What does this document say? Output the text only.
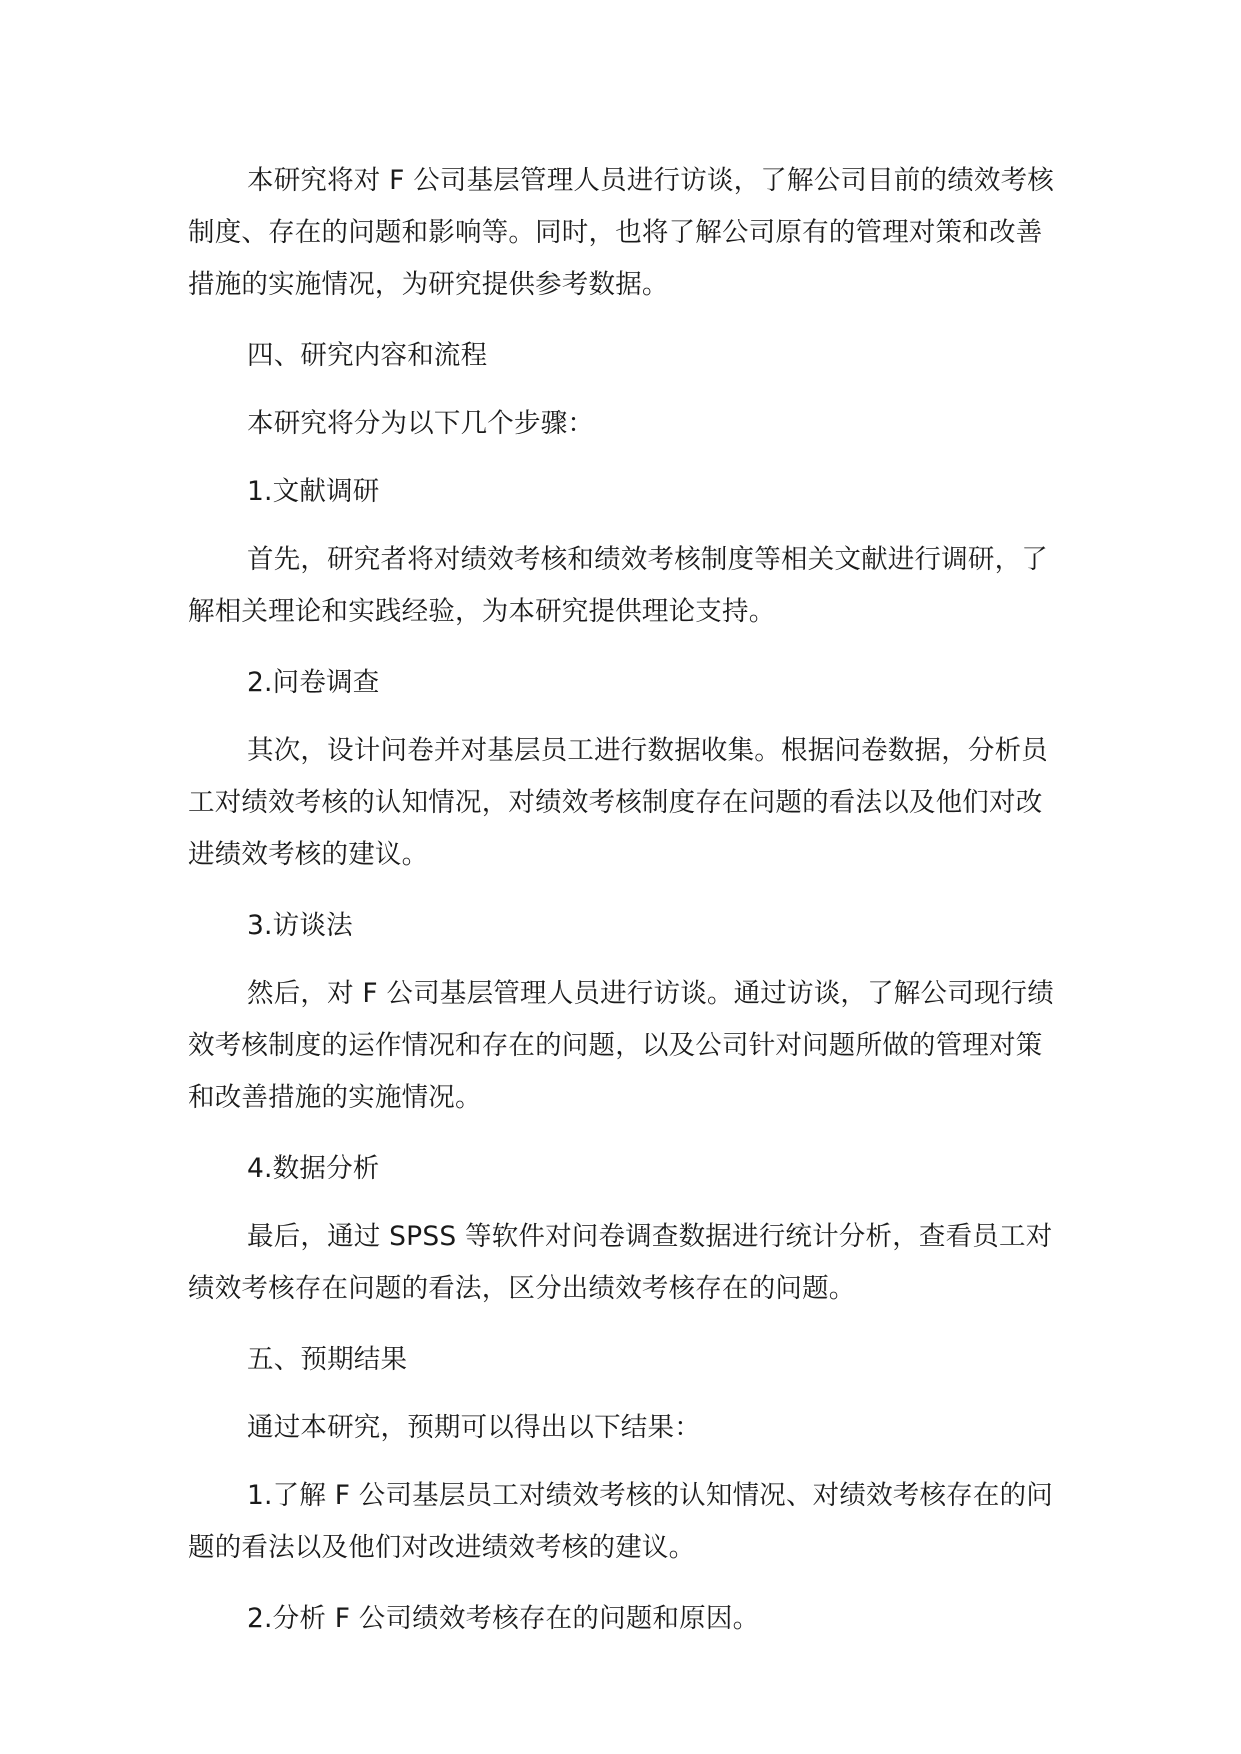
本研究将对 F 公司基层管理人员进行访谈，了解公司目前的绩效考核制度、存在的问题和影响等。同时，也将了解公司原有的管理对策和改善措施的实施情况，为研究提供参考数据。

四、研究内容和流程

本研究将分为以下几个步骤：

1.文献调研

首先，研究者将对绩效考核和绩效考核制度等相关文献进行调研，了解相关理论和实践经验，为本研究提供理论支持。

2.问卷调查

其次，设计问卷并对基层员工进行数据收集。根据问卷数据，分析员工对绩效考核的认知情况，对绩效考核制度存在问题的看法以及他们对改进绩效考核的建议。

3.访谈法

然后，对 F 公司基层管理人员进行访谈。通过访谈，了解公司现行绩效考核制度的运作情况和存在的问题，以及公司针对问题所做的管理对策和改善措施的实施情况。

4.数据分析

最后，通过 SPSS 等软件对问卷调查数据进行统计分析，查看员工对绩效考核存在问题的看法，区分出绩效考核存在的问题。

五、预期结果

通过本研究，预期可以得出以下结果：

1.了解 F 公司基层员工对绩效考核的认知情况、对绩效考核存在的问题的看法以及他们对改进绩效考核的建议。

2.分析 F 公司绩效考核存在的问题和原因。
